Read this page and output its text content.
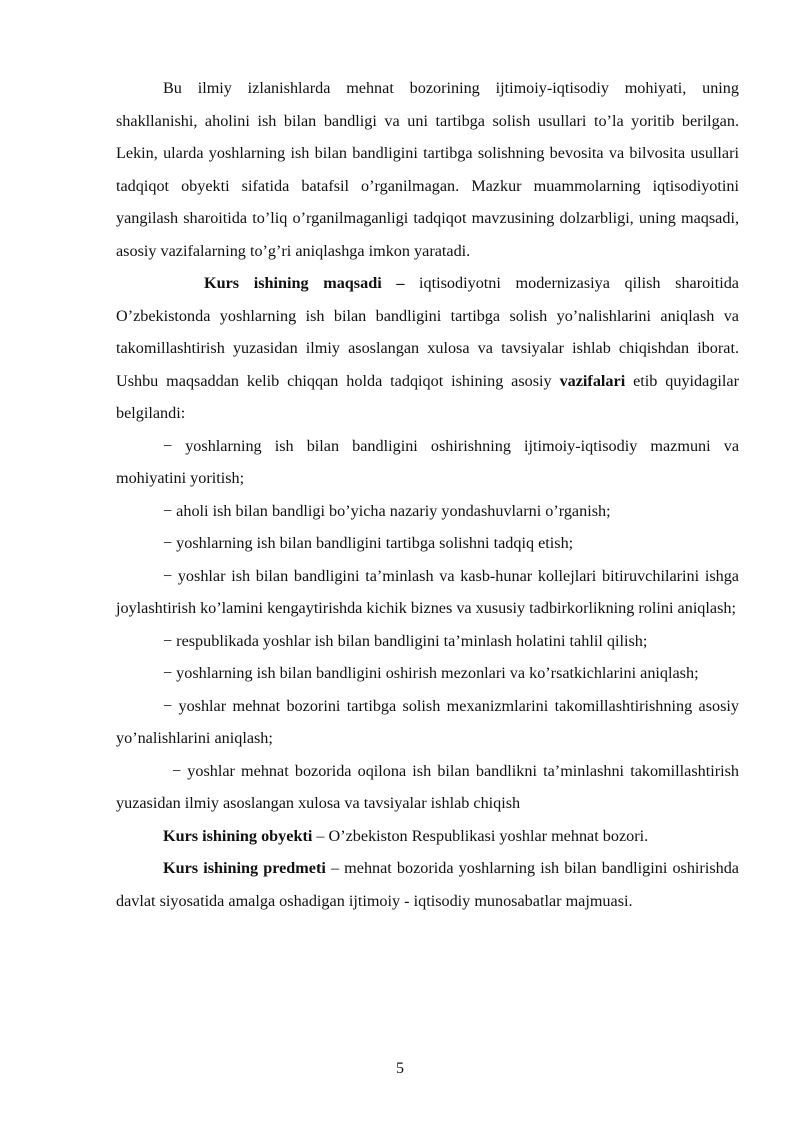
Bu ilmiy izlanishlarda mehnat bozorining ijtimoiy-iqtisodiy mohiyati, uning shakllanishi, aholini ish bilan bandligi va uni tartibga solish usullari to’la yoritib berilgan. Lekin, ularda yoshlarning ish bilan bandligini tartibga solishning bevosita va bilvosita usullari tadqiqot obyekti sifatida batafsil o’rganilmagan. Mazkur muammolarning iqtisodiyotini yangilash sharoitida to’liq o’rganilmaganligi tadqiqot mavzusining dolzarbligi, uning maqsadi, asosiy vazifalarning to’g’ri aniqlashga imkon yaratadi.

Kurs ishining maqsadi – iqtisodiyotni modernizasiya qilish sharoitida O’zbekistonda yoshlarning ish bilan bandligini tartibga solish yo’nalishlarini aniqlash va takomillashtirish yuzasidan ilmiy asoslangan xulosa va tavsiyalar ishlab chiqishdan iborat. Ushbu maqsaddan kelib chiqqan holda tadqiqot ishining asosiy vazifalari etib quyidagilar belgilandi:

− yoshlarning ish bilan bandligini oshirishning ijtimoiy-iqtisodiy mazmuni va mohiyatini yoritish;

− aholi ish bilan bandligi bo’yicha nazariy yondashuvlarni o’rganish;

− yoshlarning ish bilan bandligini tartibga solishni tadqiq etish;

− yoshlar ish bilan bandligini ta’minlash va kasb-hunar kollejlari bitiruvchilarini ishga joylashtirish ko’lamini kengaytirishda kichik biznes va xususiy tadbirkorlikning rolini aniqlash;

− respublikada yoshlar ish bilan bandligini ta’minlash holatini tahlil qilish;

− yoshlarning ish bilan bandligini oshirish mezonlari va ko’rsatkichlarini aniqlash;

− yoshlar mehnat bozorini tartibga solish mexanizmlarini takomillashtirishning asosiy yo’nalishlarini aniqlash;

− yoshlar mehnat bozorida oqilona ish bilan bandlikni ta’minlashni takomillashtirish yuzasidan ilmiy asoslangan xulosa va tavsiyalar ishlab chiqish

Kurs ishining obyekti – O’zbekiston Respublikasi yoshlar mehnat bozori.

Kurs ishining predmeti – mehnat bozorida yoshlarning ish bilan bandligini oshirishda davlat siyosatida amalga oshadigan ijtimoiy - iqtisodiy munosabatlar majmuasi.

5
